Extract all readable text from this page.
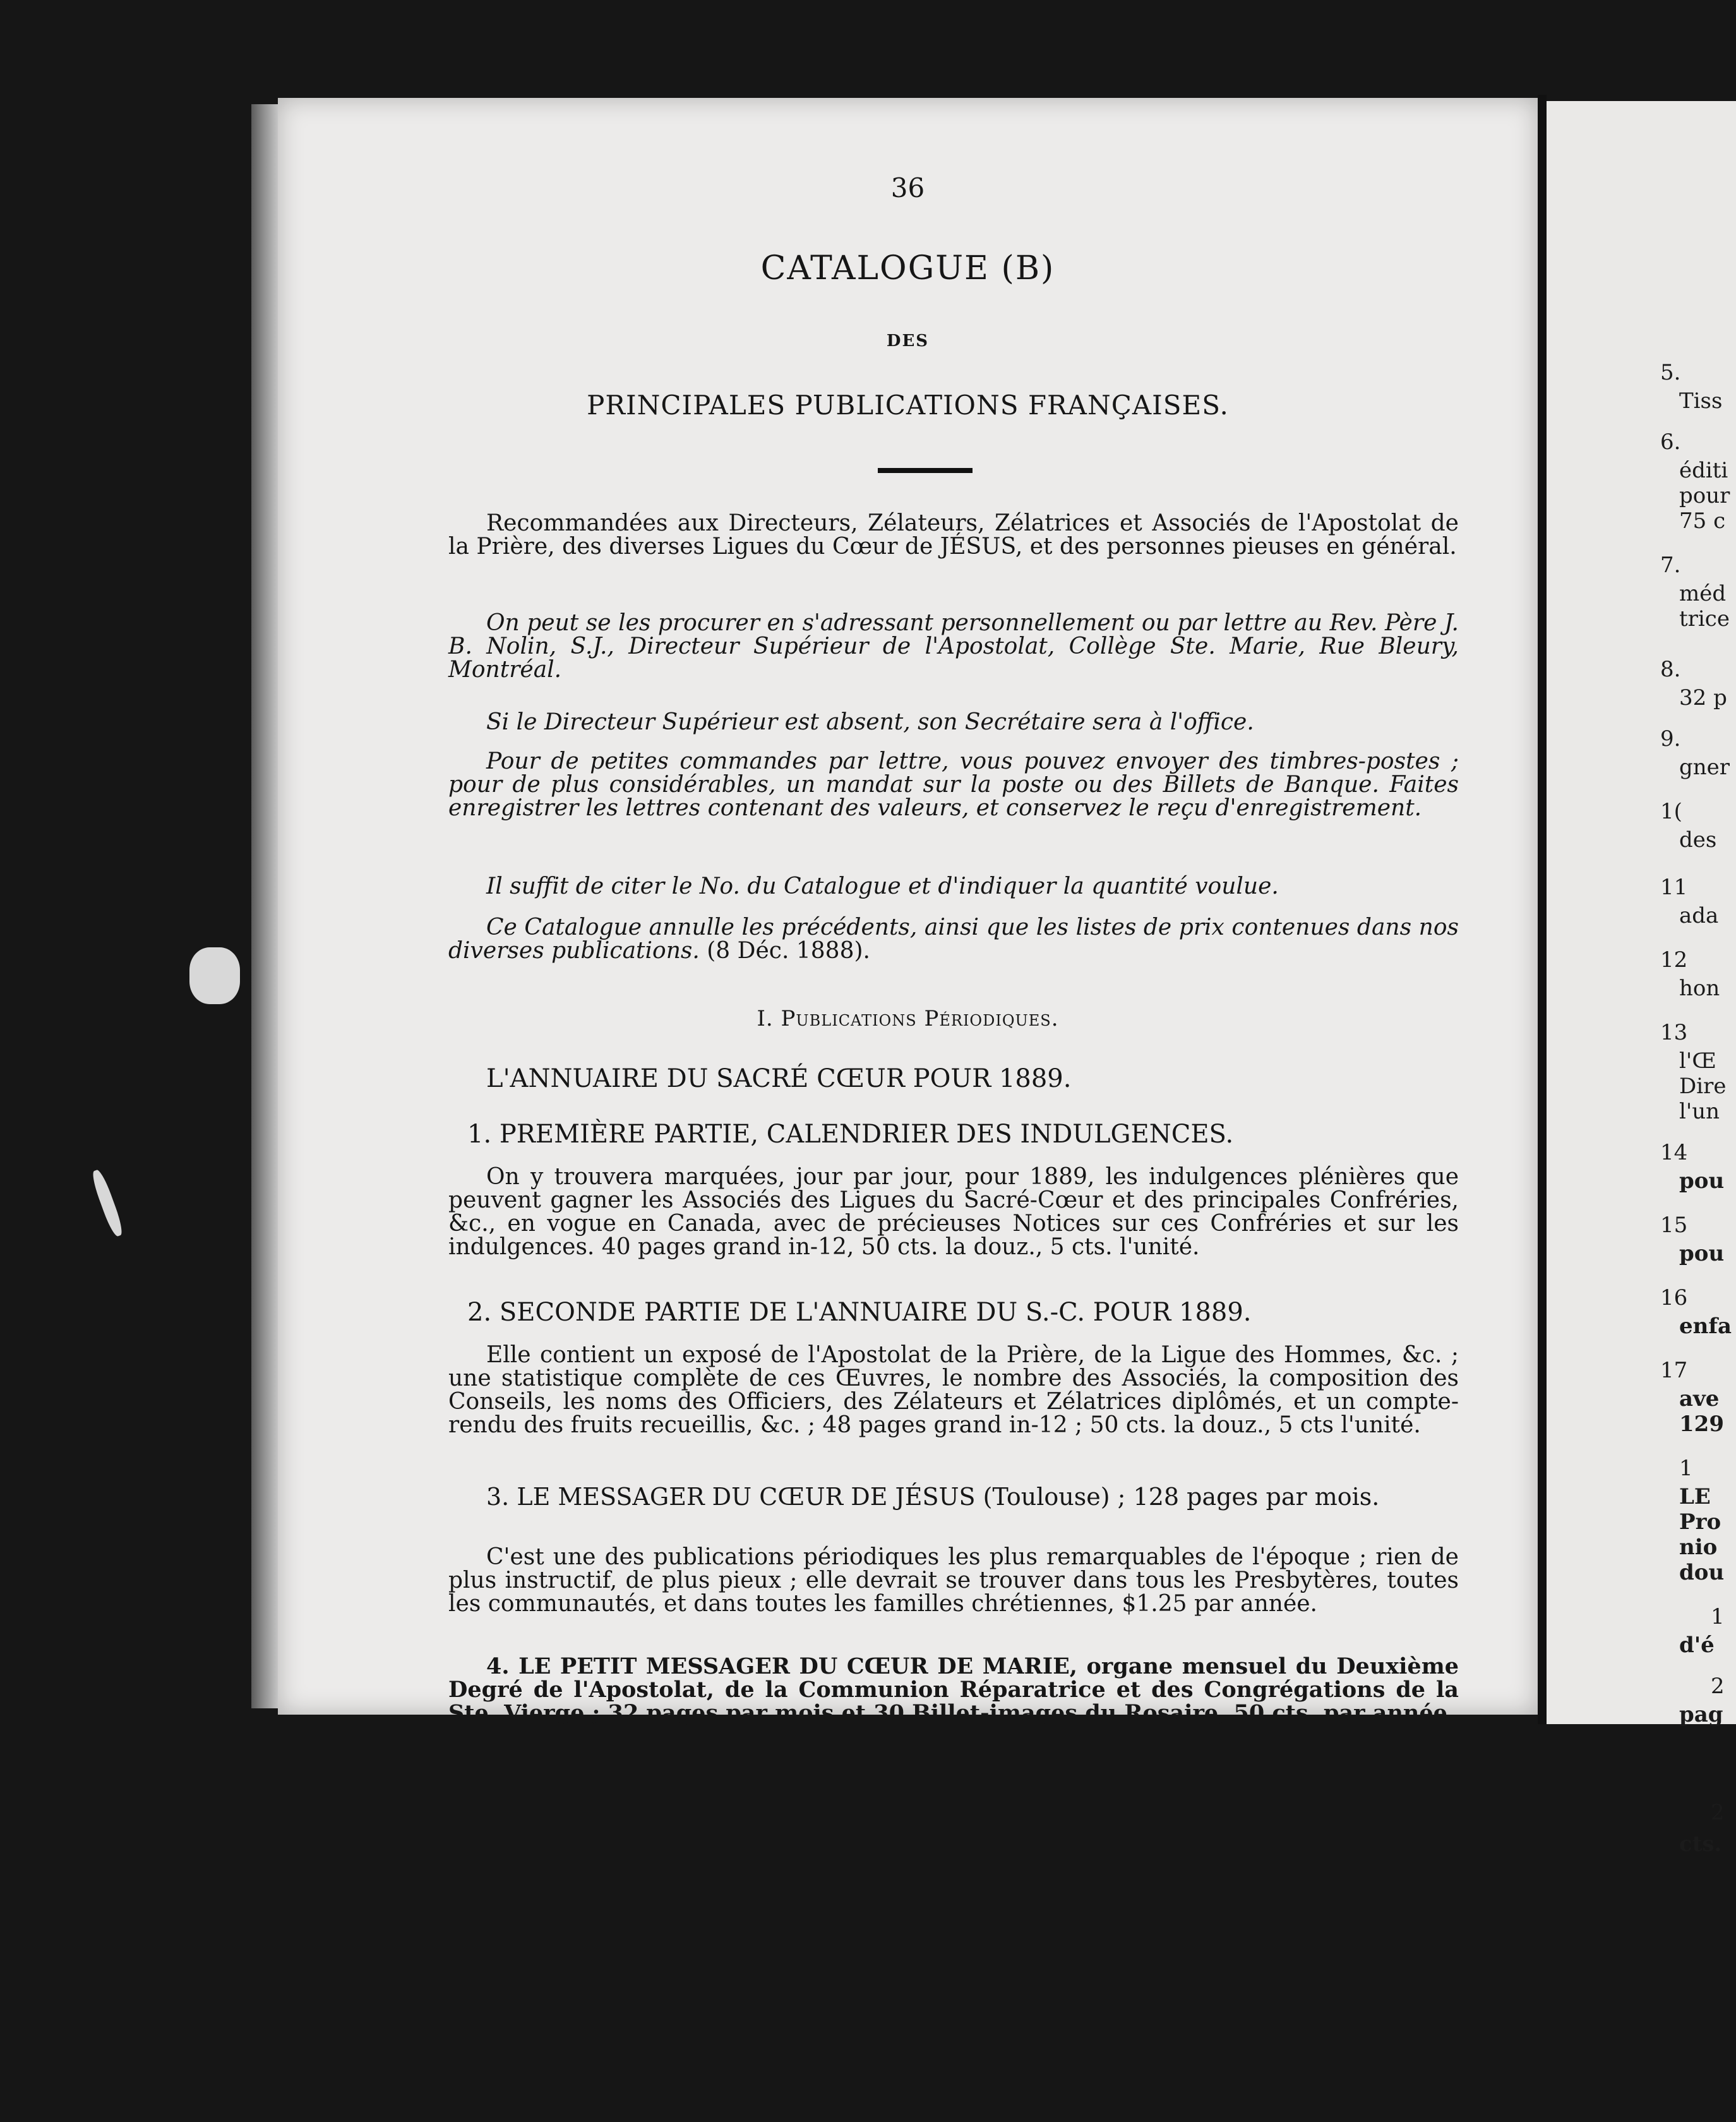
36
CATALOGUE (B)
DES
PRINCIPALES PUBLICATIONS FRANÇAISES.
Recommandées aux Directeurs, Zélateurs, Zélatrices et Associés de l'Apostolat de la Prière, des diverses Ligues du Cœur de JÉSUS, et des personnes pieuses en général.
On peut se les procurer en s'adressant personnellement ou par lettre au Rev. Père J. B. Nolin, S.J., Directeur Supérieur de l'Apostolat, Collège Ste. Marie, Rue Bleury, Montréal.
Si le Directeur Supérieur est absent, son Secrétaire sera à l'office.
Pour de petites commandes par lettre, vous pouvez envoyer des timbres-postes ; pour de plus considérables, un mandat sur la poste ou des Billets de Banque. Faites enregistrer les lettres contenant des valeurs, et conservez le reçu d'enregistrement.
Il suffit de citer le No. du Catalogue et d'indiquer la quantité voulue.
Ce Catalogue annulle les précédents, ainsi que les listes de prix contenues dans nos diverses publications. (8 Déc. 1888).
I. Publications Périodiques.
L'ANNUAIRE DU SACRÉ CŒUR POUR 1889.
1. PREMIÈRE PARTIE, CALENDRIER DES INDULGENCES.
On y trouvera marquées, jour par jour, pour 1889, les indulgences plénières que peuvent gagner les Associés des Ligues du Sacré-Cœur et des principales Confréries, &c., en vogue en Canada, avec de précieuses Notices sur ces Confréries et sur les indulgences. 40 pages grand in-12, 50 cts. la douz., 5 cts. l'unité.
2. SECONDE PARTIE DE L'ANNUAIRE DU S.-C. POUR 1889.
Elle contient un exposé de l'Apostolat de la Prière, de la Ligue des Hommes, &c. ; une statistique complète de ces Œuvres, le nombre des Associés, la composition des Conseils, les noms des Officiers, des Zélateurs et Zélatrices diplômés, et un compte-rendu des fruits recueillis, &c. ; 48 pages grand in-12 ; 50 cts. la douz., 5 cts l'unité.
3. LE MESSAGER DU CŒUR DE JÉSUS (Toulouse) ; 128 pages par mois.
C'est une des publications périodiques les plus remarquables de l'époque ; rien de plus instructif, de plus pieux ; elle devrait se trouver dans tous les Presbytères, toutes les communautés, et dans toutes les familles chrétiennes, $1.25 par année.
4. LE PETIT MESSAGER DU CŒUR DE MARIE, organe mensuel du Deuxième Degré de l'Apostolat, de la Communion Réparatrice et des Congrégations de la Ste. Vierge ; 32 pages par mois et 30 Billet-images du Rosaire, 50 cts. par année.
5.
Tiss
6.
éditi
pour
75 c
7.
méd
trice
8.
32 p
9.
gner
1(
des
11
ada
12
hon
13
l'Œ
Dire
l'un
14
pou
15
pou
16
enfa
17
ave
129
1
LE
Pro
nio
dou
1
d'é
2
pag
2
cts.
